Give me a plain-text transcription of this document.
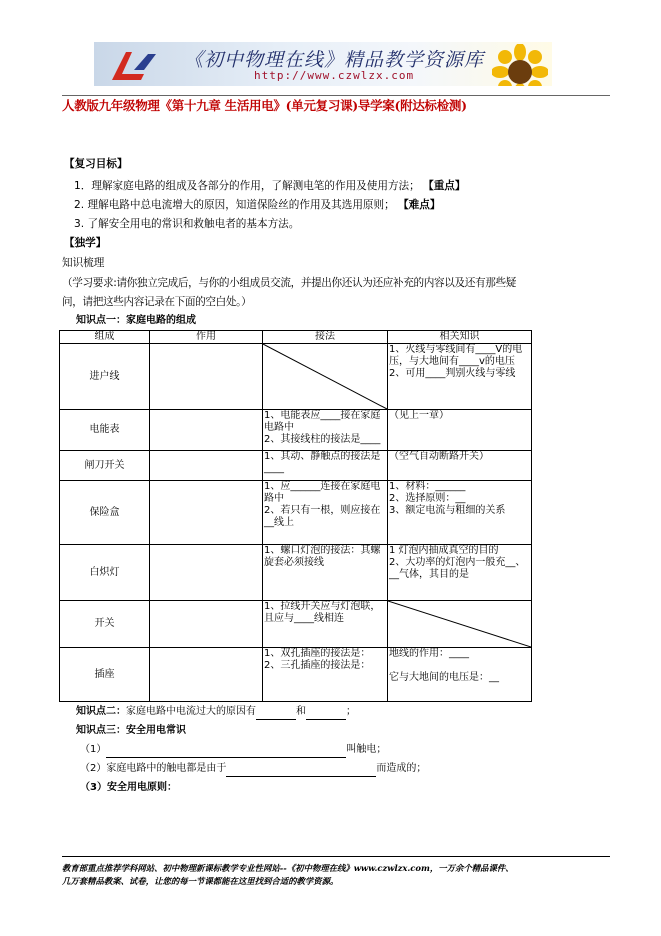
《初中物理在线》精品教学资源库
http://www.czwlzx.com
人教版九年级物理《第十九章 生活用电》(单元复习课)导学案(附达标检测)
【复习目标】
1．理解家庭电路的组成及各部分的作用，了解测电笔的作用及使用方法； 【重点】
2. 理解电路中总电流增大的原因，知道保险丝的作用及其选用原则； 【难点】
3. 了解安全用电的常识和救触电者的基本方法。
【独学】
知识梳理
（学习要求:请你独立完成后，与你的小组成员交流，并提出你还认为还应补充的内容以及还有那些疑
问，请把这些内容记录在下面的空白处。）
知识点一：家庭电路的组成
组成	作用	接法	相关知识
进户线			1、火线与零线间有____V的电压，与大地间有____v的电压
2、可用____判别火线与零线
电能表		1、电能表应____接在家庭电路中
2、其接线柱的接法是____	（见上一章）
闸刀开关		1、其动、静触点的接法是____	（空气自动断路开关）
保险盒		1、应______连接在家庭电路中
2、若只有一根，则应接在__线上	1、材料：______
2、选择原则：__
3、额定电流与粗细的关系
白炽灯		1、螺口灯泡的接法：其螺旋套必须接线	1 灯泡内抽成真空的目的
2、大功率的灯泡内一般充__、__气体，其目的是
开关		1、拉线开关应与灯泡联，且应与____线相连	

插座		1、双孔插座的接法是：
2、三孔插座的接法是：	地线的作用：____

它与大地间的电压是：__
知识点二：家庭电路中电流过大的原因有	和	；
知识点三：安全用电常识
（1）	叫触电；
（2）家庭电路中的触电都是由于	而造成的；
（3）安全用电原则：
教育部重点推荐学科网站、初中物理新课标教学专业性网站--《初中物理在线》www.czwlzx.com，一万余个精品课件、
几万套精品教案、试卷，让您的每一节课都能在这里找到合适的教学资源。
